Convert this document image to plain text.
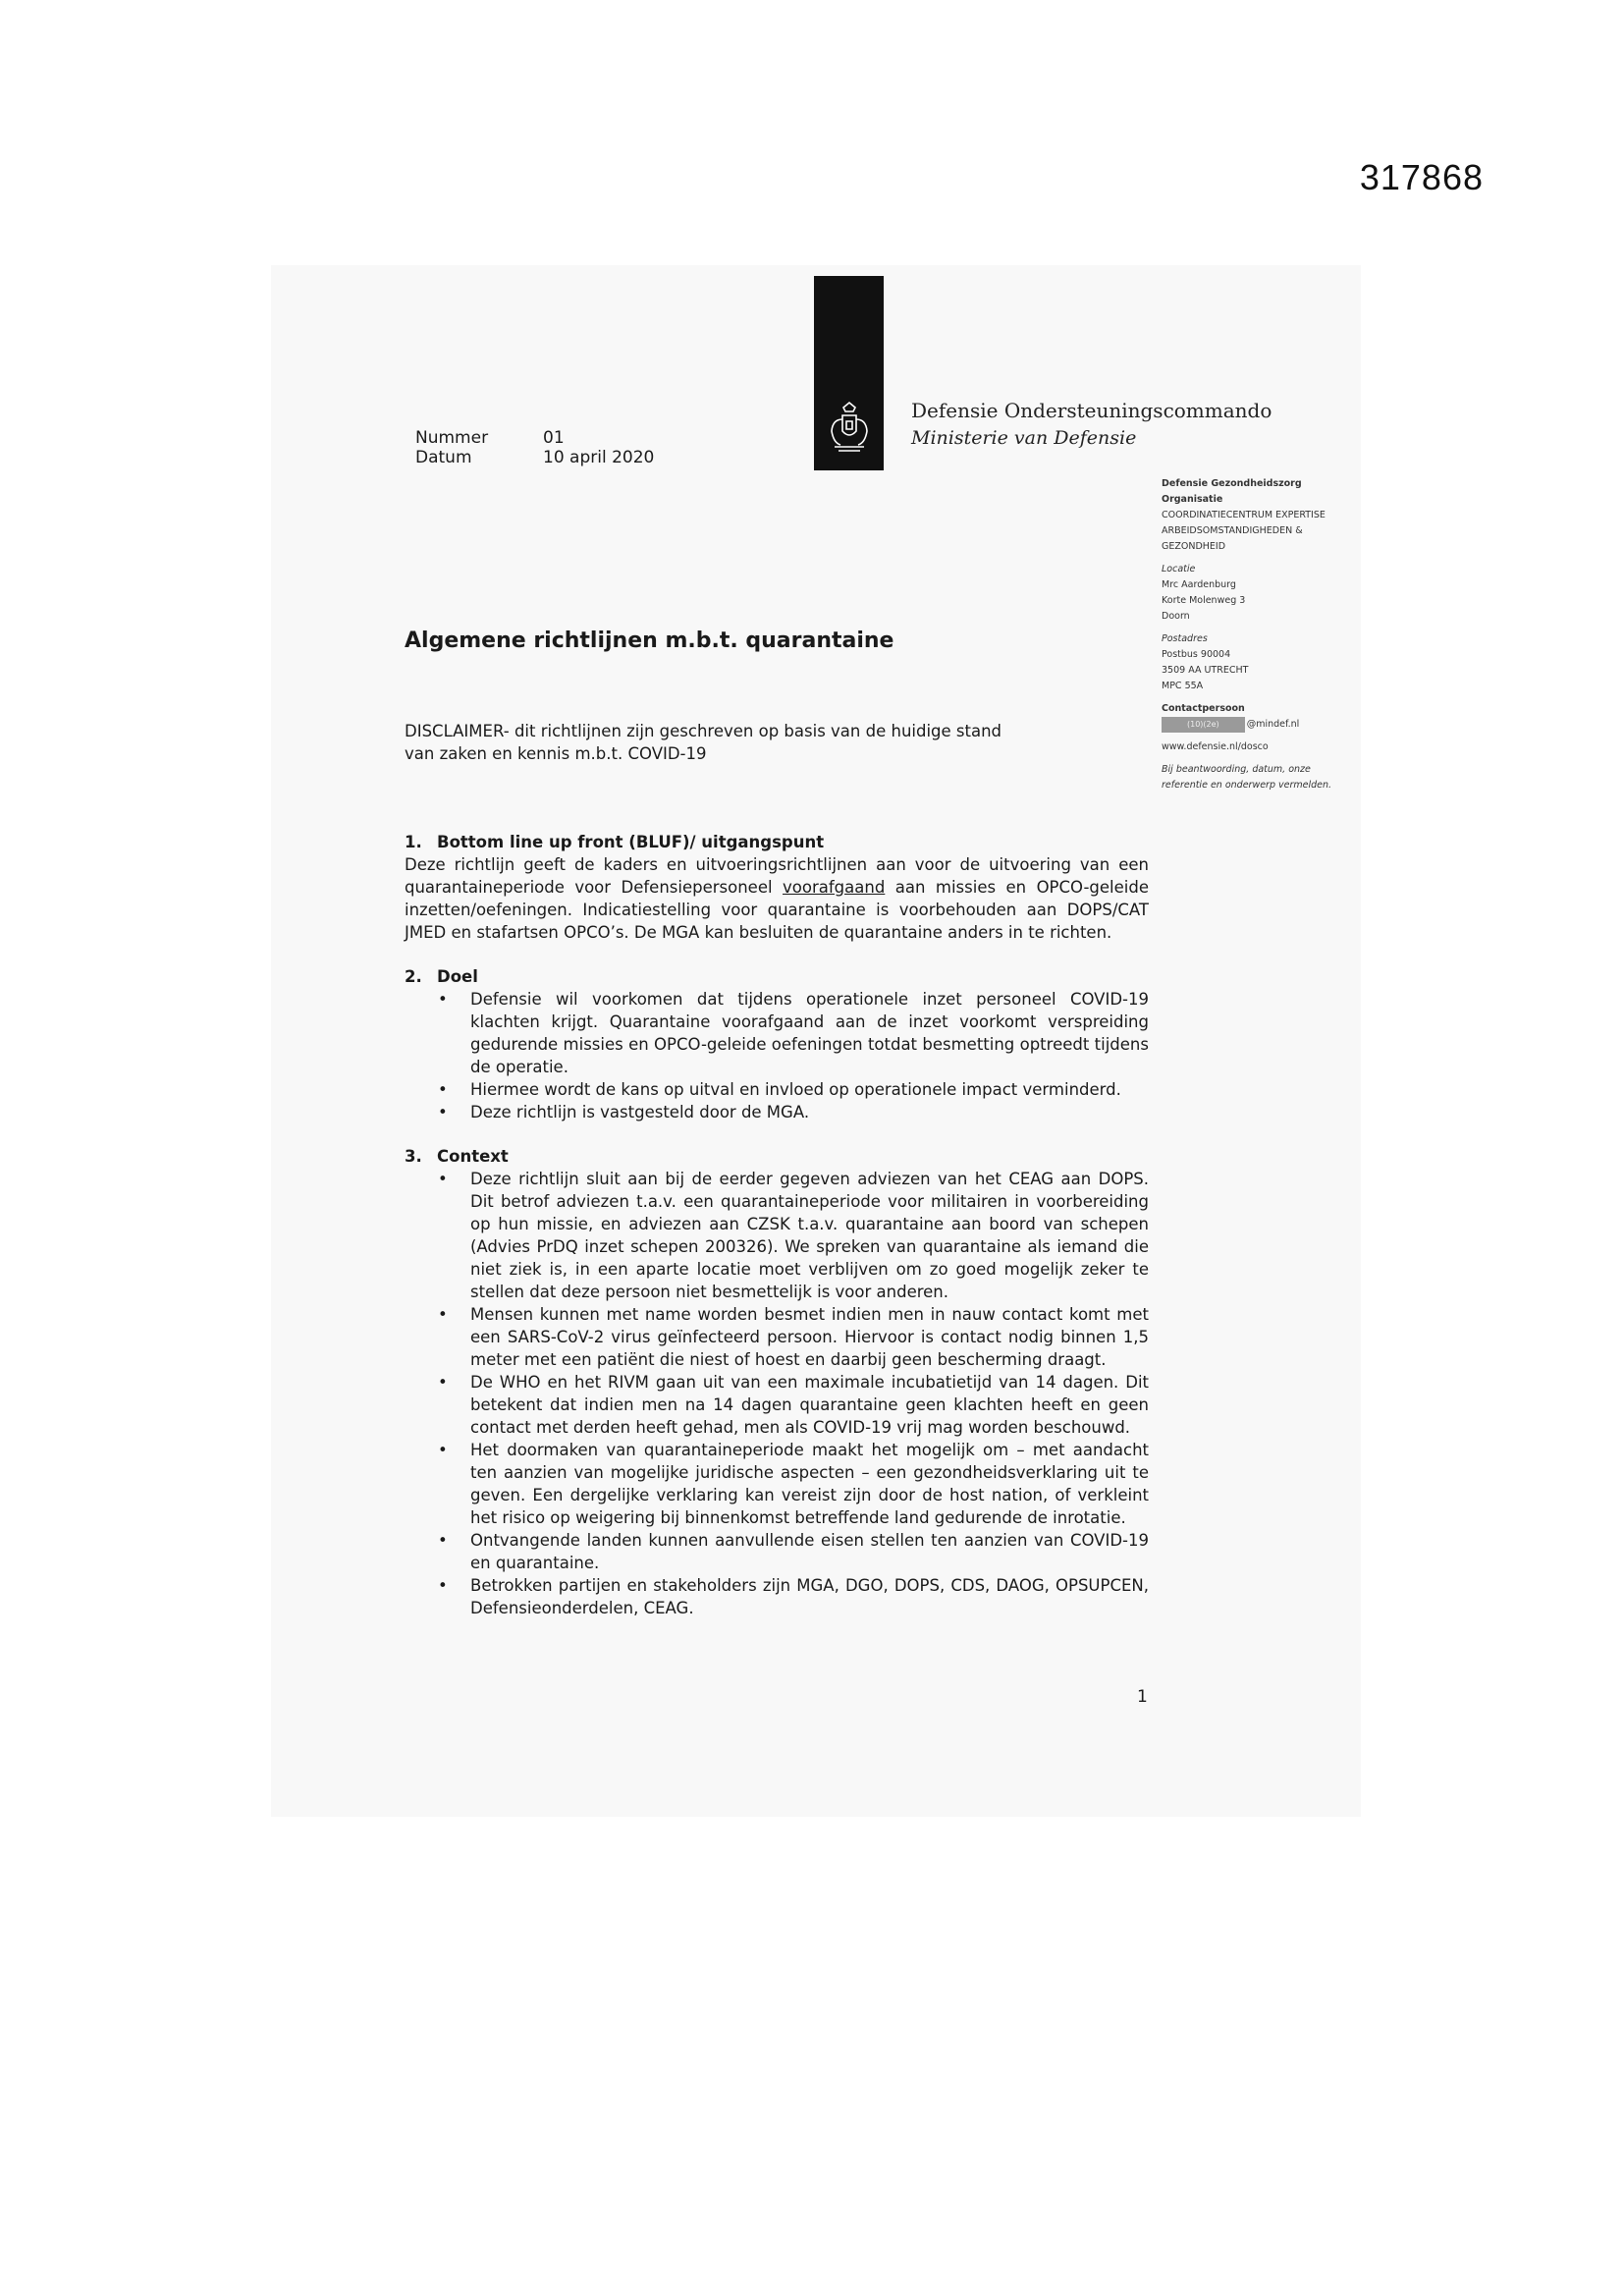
317868
Defensie Ondersteuningscommando
Ministerie van Defensie
Nummer	01
Datum	10 april 2020
Defensie Gezondheidszorg
Organisatie
COORDINATIECENTRUM EXPERTISE
ARBEIDSOMSTANDIGHEDEN &
GEZONDHEID
Locatie
Mrc Aardenburg
Korte Molenweg 3
Doorn
Postadres
Postbus 90004
3509 AA UTRECHT
MPC 55A
Contactpersoon
(10)(2e)	@mindef.nl
www.defensie.nl/dosco
Bij beantwoording, datum, onze
referentie en onderwerp vermelden.
Algemene richtlijnen m.b.t. quarantaine
DISCLAIMER- dit richtlijnen zijn geschreven op basis van de huidige stand
van zaken en kennis m.b.t. COVID-19
1. Bottom line up front (BLUF)/ uitgangspunt

Deze richtlijn geeft de kaders en uitvoeringsrichtlijnen aan voor de uitvoering van een quarantaineperiode voor Defensiepersoneel voorafgaand aan missies en OPCO-geleide inzetten/oefeningen. Indicatiestelling voor quarantaine is voorbehouden aan DOPS/CAT JMED en stafartsen OPCO’s. De MGA kan besluiten de quarantaine anders in te richten.

2. Doel
• Defensie wil voorkomen dat tijdens operationele inzet personeel COVID-19 klachten krijgt. Quarantaine voorafgaand aan de inzet voorkomt verspreiding gedurende missies en OPCO-geleide oefeningen totdat besmetting optreedt tijdens de operatie.
• Hiermee wordt de kans op uitval en invloed op operationele impact verminderd.
• Deze richtlijn is vastgesteld door de MGA.
3. Context
• Deze richtlijn sluit aan bij de eerder gegeven adviezen van het CEAG aan DOPS. Dit betrof adviezen t.a.v. een quarantaineperiode voor militairen in voorbereiding op hun missie, en adviezen aan CZSK t.a.v. quarantaine aan boord van schepen (Advies PrDQ inzet schepen 200326). We spreken van quarantaine als iemand die niet ziek is, in een aparte locatie moet verblijven om zo goed mogelijk zeker te stellen dat deze persoon niet besmettelijk is voor anderen.
• Mensen kunnen met name worden besmet indien men in nauw contact komt met een SARS-CoV-2 virus geïnfecteerd persoon. Hiervoor is contact nodig binnen 1,5 meter met een patiënt die niest of hoest en daarbij geen bescherming draagt.
• De WHO en het RIVM gaan uit van een maximale incubatietijd van 14 dagen. Dit betekent dat indien men na 14 dagen quarantaine geen klachten heeft en geen contact met derden heeft gehad, men als COVID-19 vrij mag worden beschouwd.
• Het doormaken van quarantaineperiode maakt het mogelijk om – met aandacht ten aanzien van mogelijke juridische aspecten – een gezondheidsverklaring uit te geven. Een dergelijke verklaring kan vereist zijn door de host nation, of verkleint het risico op weigering bij binnenkomst betreffende land gedurende de inrotatie.
• Ontvangende landen kunnen aanvullende eisen stellen ten aanzien van COVID-19 en quarantaine.
• Betrokken partijen en stakeholders zijn MGA, DGO, DOPS, CDS, DAOG, OPSUPCEN, Defensieonderdelen, CEAG.
1
